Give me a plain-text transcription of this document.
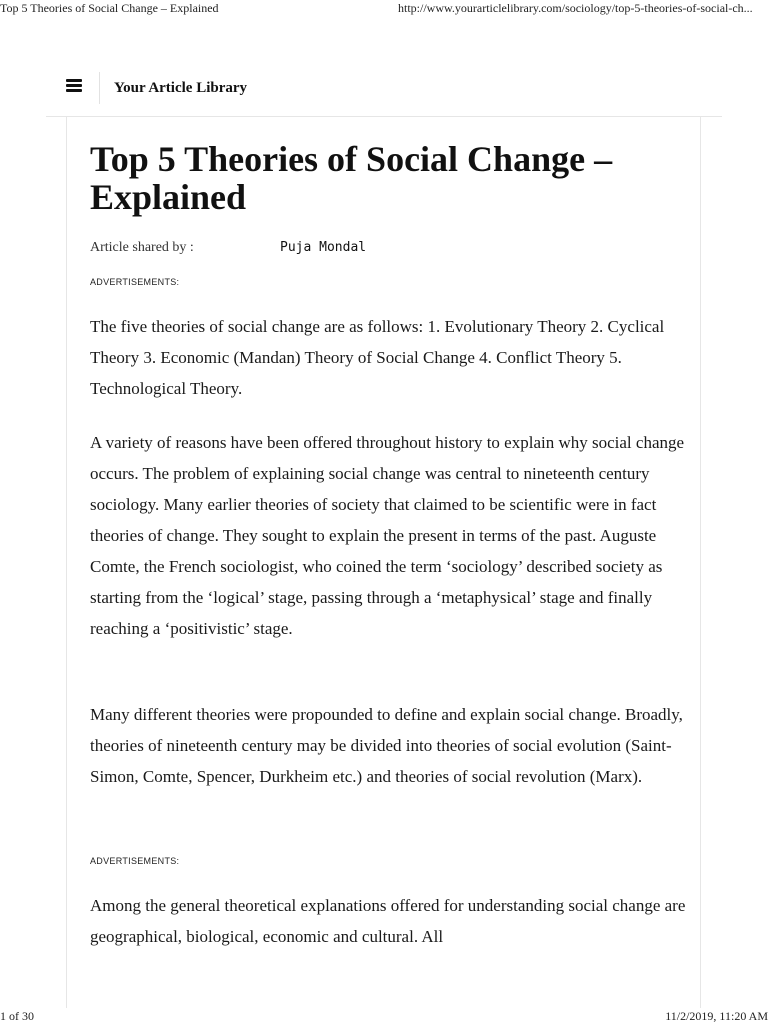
Top 5 Theories of Social Change – Explained	http://www.yourarticlelibrary.com/sociology/top-5-theories-of-social-ch...
Your Article Library
Top 5 Theories of Social Change – Explained
Article shared by :	Puja Mondal
ADVERTISEMENTS:

The five theories of social change are as follows: 1. Evolutionary Theory 2. Cyclical Theory 3. Economic (Mandan) Theory of Social Change 4. Conflict Theory 5. Technological Theory.

A variety of reasons have been offered throughout history to explain why social change occurs. The problem of explaining social change was central to nineteenth century sociology. Many earlier theories of society that claimed to be scientific were in fact theories of change. They sought to explain the present in terms of the past. Auguste Comte, the French sociologist, who coined the term ‘sociology’ described society as starting from the ‘logical’ stage, passing through a ‘metaphysical’ stage and finally reaching a ‘positivistic’ stage.

Many different theories were propounded to define and explain social change. Broadly, theories of nineteenth century may be divided into theories of social evolution (Saint-Simon, Comte, Spencer, Durkheim etc.) and theories of social revolution (Marx).

ADVERTISEMENTS:

Among the general theoretical explanations offered for understanding social change are geographical, biological, economic and cultural. All

1 of 30	11/2/2019, 11:20 AM
